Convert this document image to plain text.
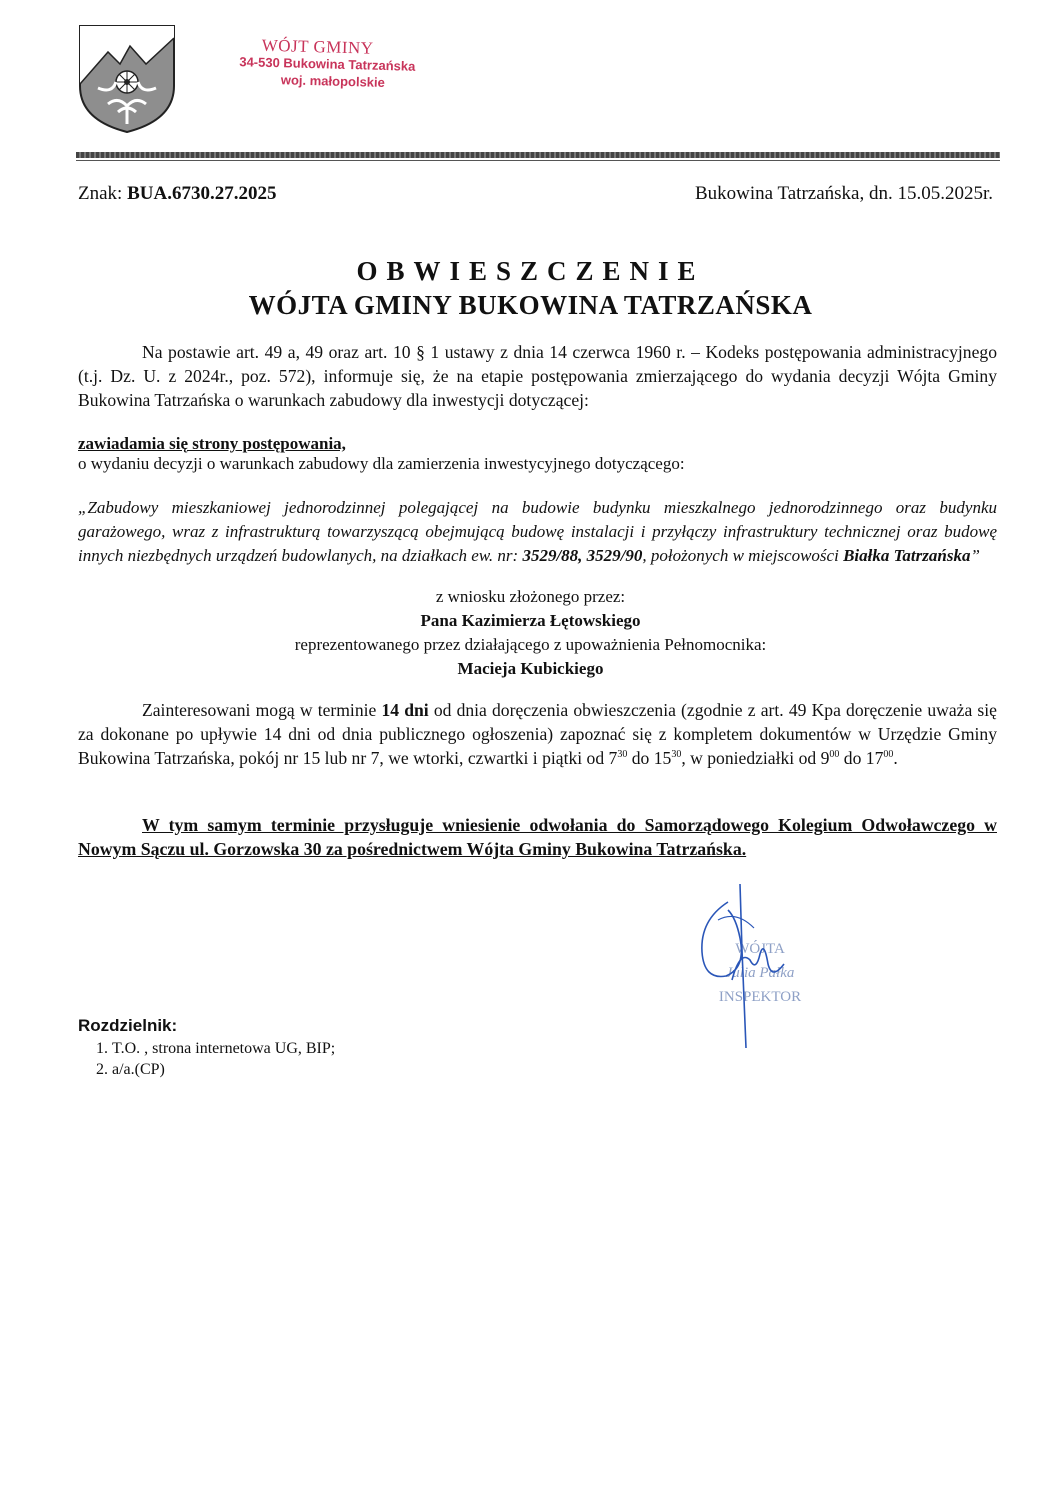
WÓJT GMINY
34-530 Bukowina Tatrzańska
woj. małopolskie
Znak: BUA.6730.27.2025	Bukowina Tatrzańska, dn. 15.05.2025r.
OBWIESZCZENIE
WÓJTA GMINY BUKOWINA TATRZAŃSKA
Na postawie art. 49 a, 49 oraz art. 10 § 1 ustawy z dnia 14 czerwca 1960 r. – Kodeks postępowania administracyjnego (t.j. Dz. U. z 2024r., poz. 572), informuje się, że na etapie postępowania zmierzającego do wydania decyzji Wójta Gminy Bukowina Tatrzańska o warunkach zabudowy dla inwestycji dotyczącej:
zawiadamia się strony postępowania,
o wydaniu decyzji o warunkach zabudowy dla zamierzenia inwestycyjnego dotyczącego:
„Zabudowy mieszkaniowej jednorodzinnej polegającej na budowie budynku mieszkalnego jednorodzinnego oraz budynku garażowego, wraz z infrastrukturą towarzyszącą obejmującą budowę instalacji i przyłączy infrastruktury technicznej oraz budowę innych niezbędnych urządzeń budowlanych, na działkach ew. nr: 3529/88, 3529/90, położonych w miejscowości Białka Tatrzańska”
z wniosku złożonego przez:
Pana Kazimierza Łętowskiego
reprezentowanego przez działającego z upoważnienia Pełnomocnika:
Macieja Kubickiego
Zainteresowani mogą w terminie 14 dni od dnia doręczenia obwieszczenia (zgodnie z art. 49 Kpa doręczenie uważa się za dokonane po upływie 14 dni od dnia publicznego ogłoszenia) zapoznać się z kompletem dokumentów w Urzędzie Gminy Bukowina Tatrzańska, pokój nr 15 lub nr 7, we wtorki, czwartki i piątki od $7^{30}$ do $15^{30}$, w poniedziałki od $9^{00}$ do $17^{00}$.
W tym samym terminie przysługuje wniesienie odwołania do Samorządowego Kolegium Odwoławczego w Nowym Sączu ul. Gorzowska 30 za pośrednictwem Wójta Gminy Bukowina Tatrzańska.
WÓJTA
Julia Pałka
INSPEKTOR
Rozdzielnik:
1. T.O. , strona internetowa UG, BIP;
2. a/a.(CP)
